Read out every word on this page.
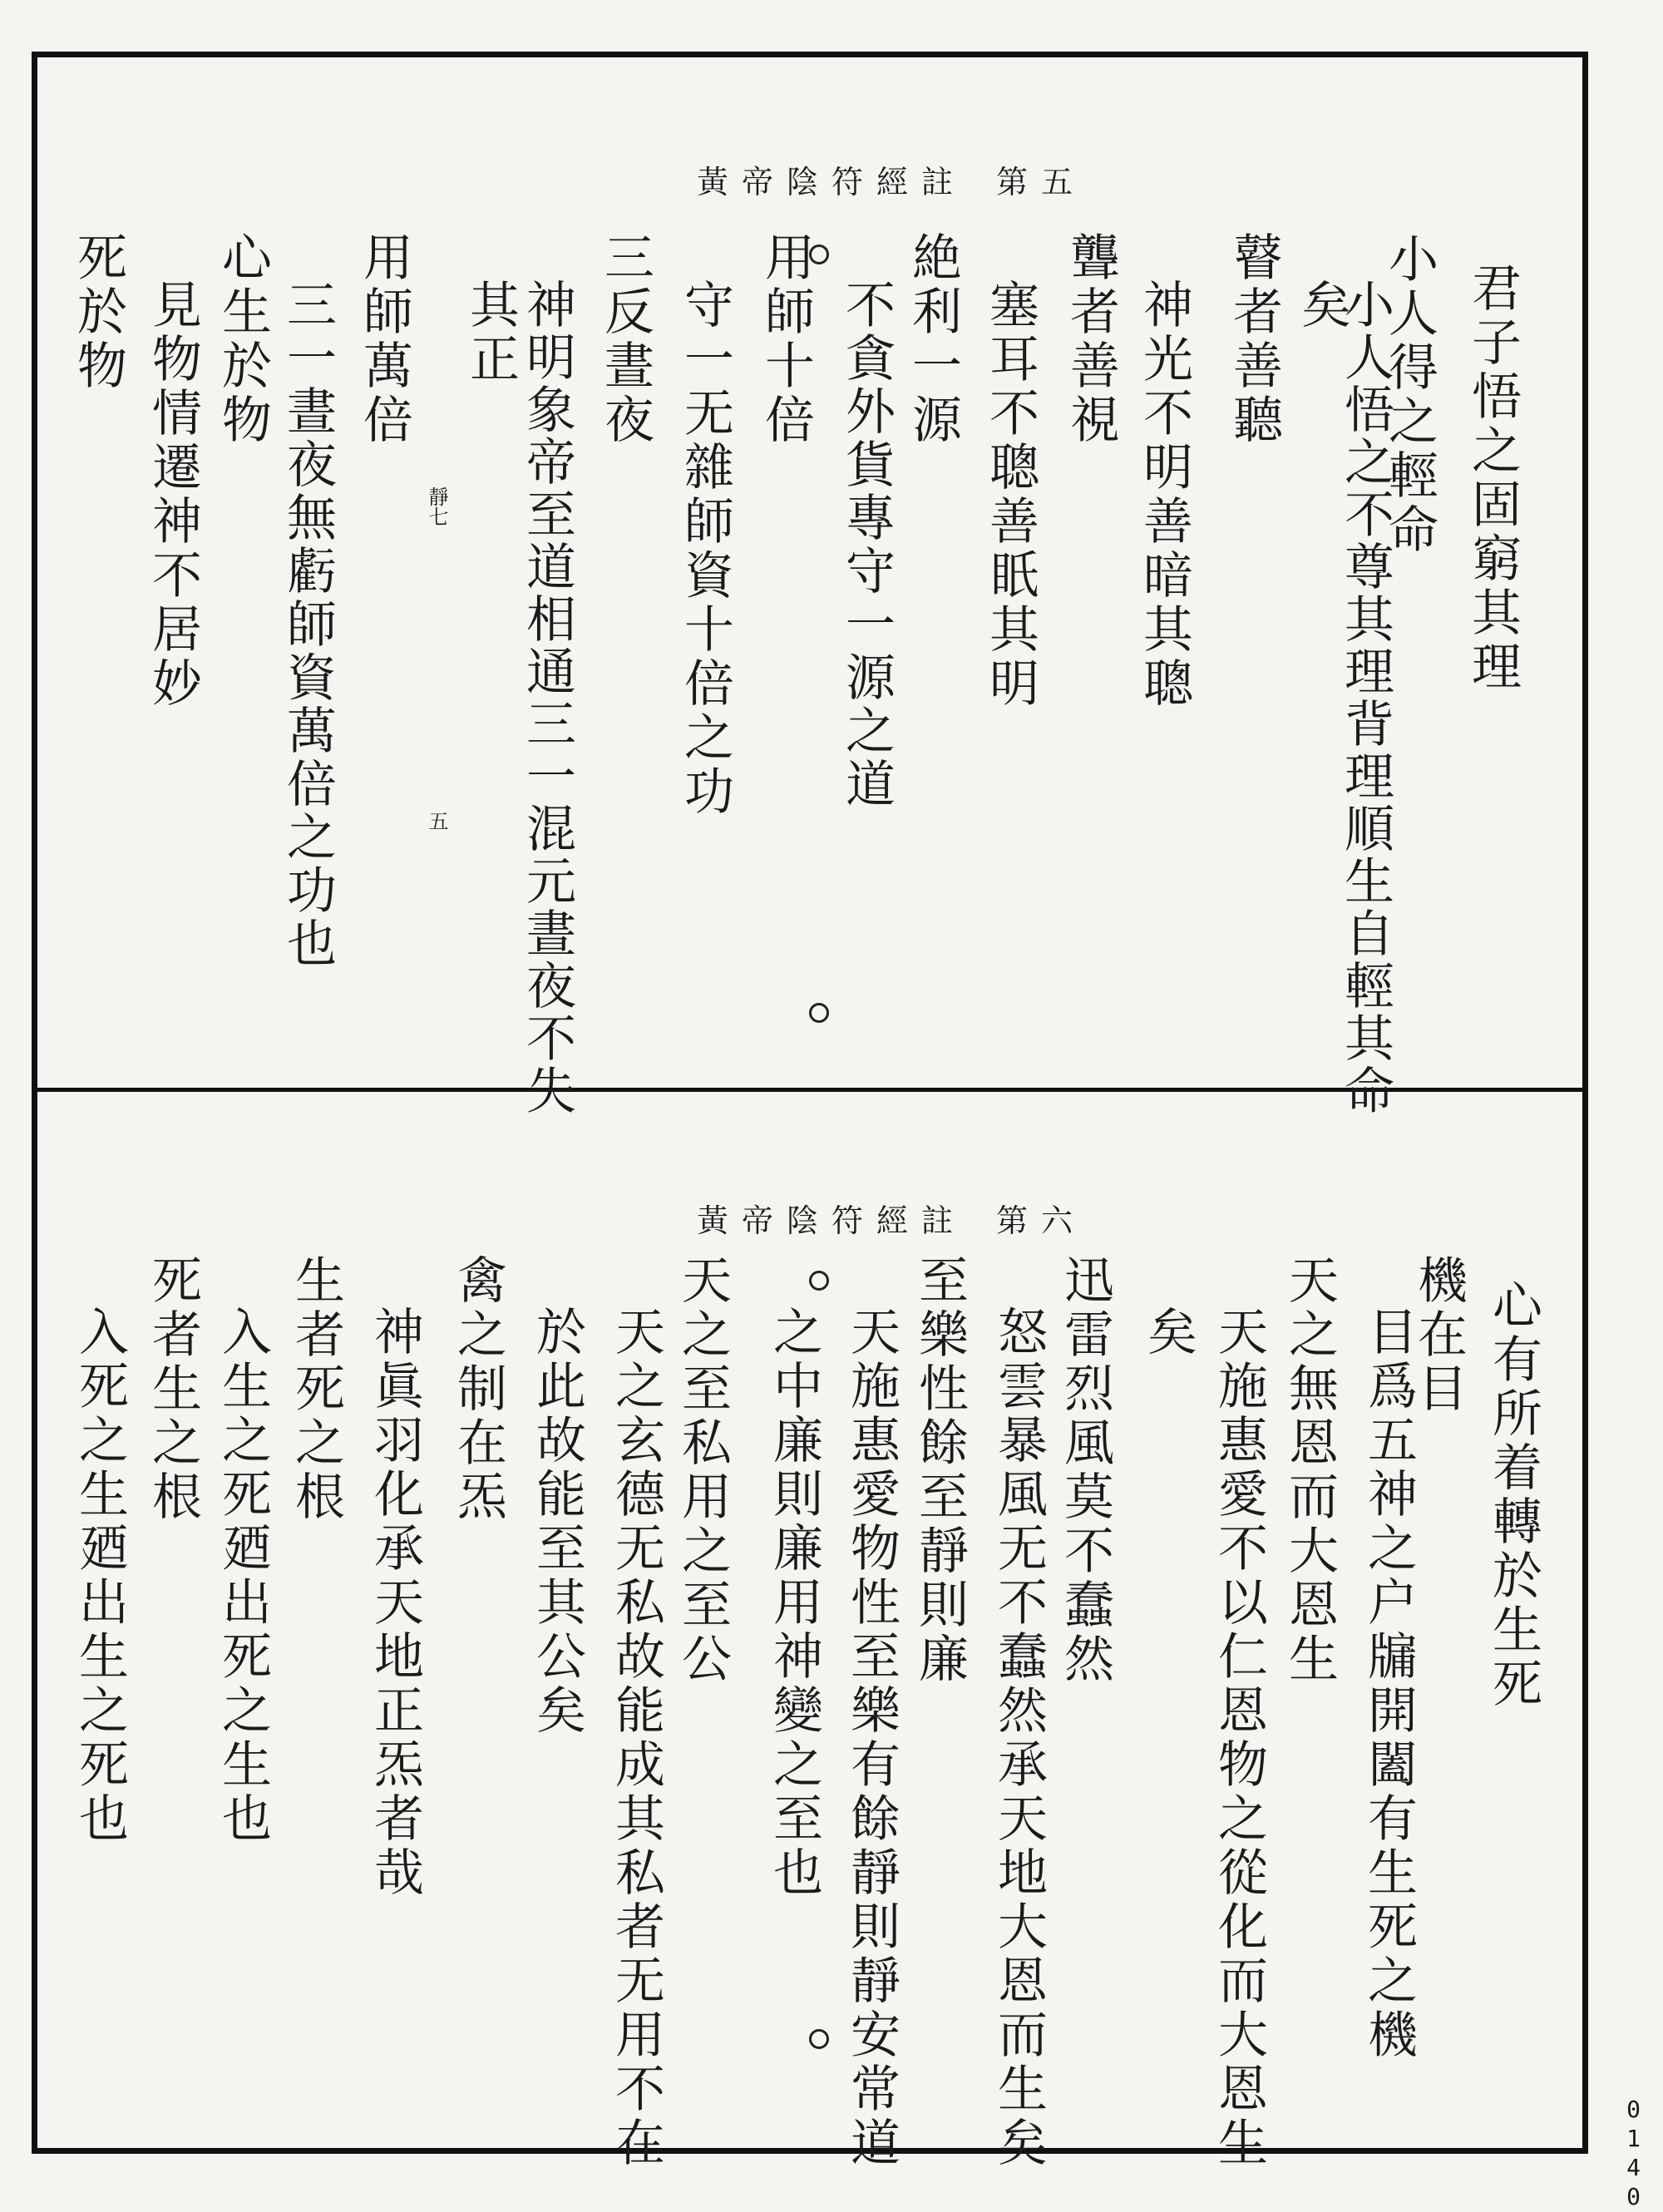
黃帝陰符經註 第五
君子悟之固窮其理
小人得之輕命
小人悟之不尊其理背理順生自輕其命
矣
瞽者善聽
神光不明善暗其聰
聾者善視
塞耳不聰善眂其明
絶利一源
不貪外貨專守一源之道
用師十倍
守一无雜師資十倍之功
三反晝夜
神明象帝至道相通三一混元晝夜不失
其正
用師萬倍
三一晝夜無虧師資萬倍之功也
心生於物
見物情遷神不居妙
死於物
靜七
五
黃帝陰符經註 第六
心有所着轉於生死
機在目
目爲五神之户牖開闔有生死之機
天之無恩而大恩生
天施惠愛不以仁恩物之從化而大恩生
矣
迅雷烈風莫不蠢然
怒雲暴風无不蠢然承天地大恩而生矣
至樂性餘至靜則廉
天施惠愛物性至樂有餘靜則靜安常道
之中廉則廉用神變之至也
天之至私用之至公
天之玄德无私故能成其私者无用不在
於此故能至其公矣
禽之制在炁
神眞羽化承天地正炁者哉
生者死之根
入生之死廼出死之生也
死者生之根
入死之生廼出生之死也
0140
